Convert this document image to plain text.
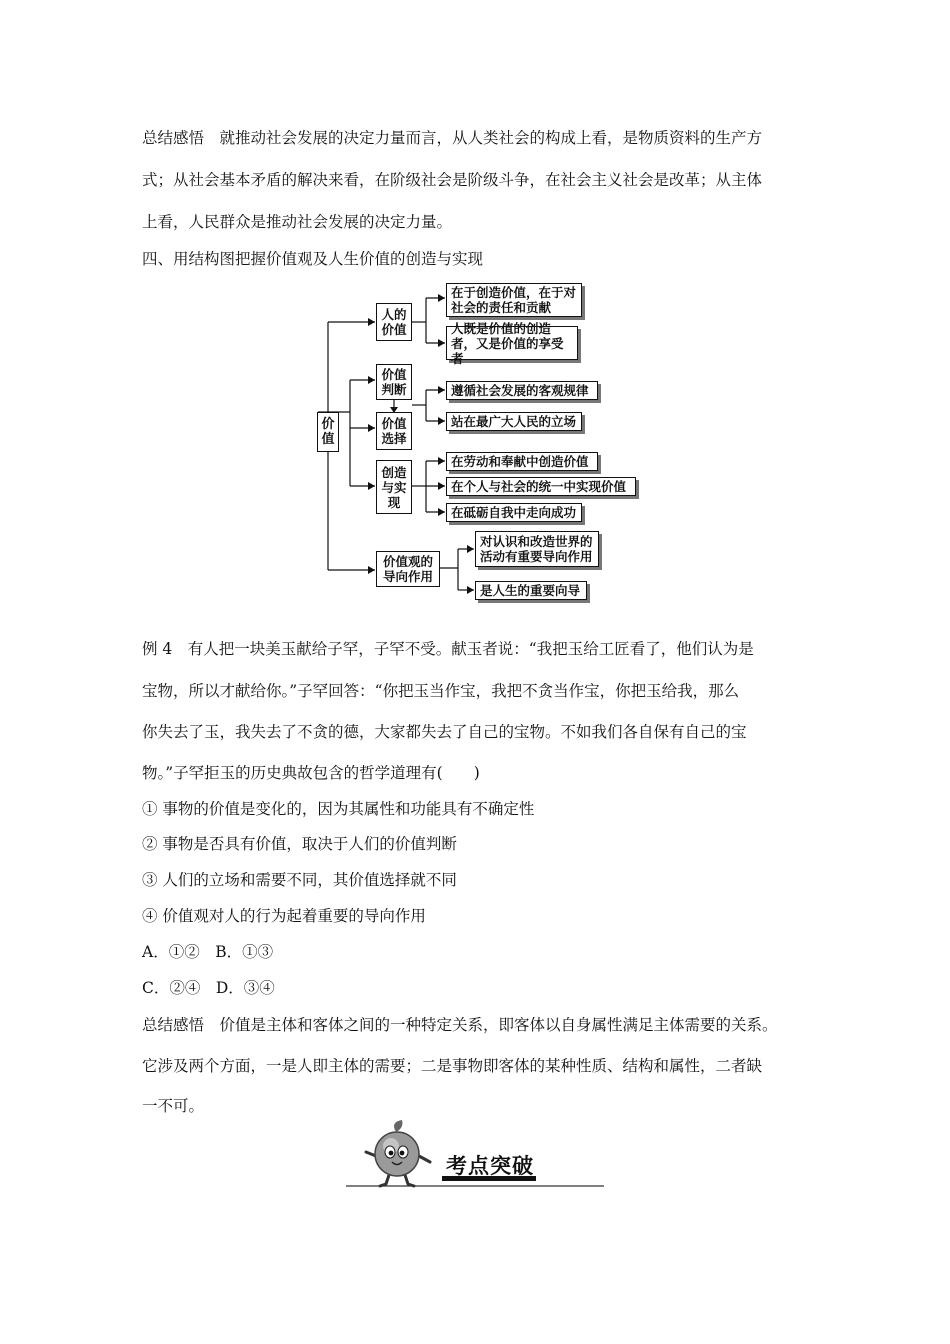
总结感悟　就推动社会发展的决定力量而言，从人类社会的构成上看，是物质资料的生产方
式；从社会基本矛盾的解决来看，在阶级社会是阶级斗争，在社会主义社会是改革；从主体
上看，人民群众是推动社会发展的决定力量。
四、用结构图把握价值观及人生价值的创造与实现
价值
人的价值
在于创造价值，在于对社会的责任和贡献
人既是价值的创造者，又是价值的享受者
价值判断
价值选择
遵循社会发展的客观规律
站在最广大人民的立场
创造与实现
在劳动和奉献中创造价值
在个人与社会的统一中实现价值
在砥砺自我中走向成功
价值观的导向作用
对认识和改造世界的活动有重要导向作用
是人生的重要向导
例 4　有人把一块美玉献给子罕，子罕不受。献玉者说：“我把玉给工匠看了，他们认为是
宝物，所以才献给你。”子罕回答：“你把玉当作宝，我把不贪当作宝，你把玉给我，那么
你失去了玉，我失去了不贪的德，大家都失去了自己的宝物。不如我们各自保有自己的宝
物。”子罕拒玉的历史典故包含的哲学道理有(　　)
① 事物的价值是变化的，因为其属性和功能具有不确定性
② 事物是否具有价值，取决于人们的价值判断
③ 人们的立场和需要不同，其价值选择就不同
④ 价值观对人的行为起着重要的导向作用
A．①②　B．①③
C．②④　D．③④
总结感悟　价值是主体和客体之间的一种特定关系，即客体以自身属性满足主体需要的关系。
它涉及两个方面，一是人即主体的需要；二是事物即客体的某种性质、结构和属性，二者缺
一不可。
考点突破
